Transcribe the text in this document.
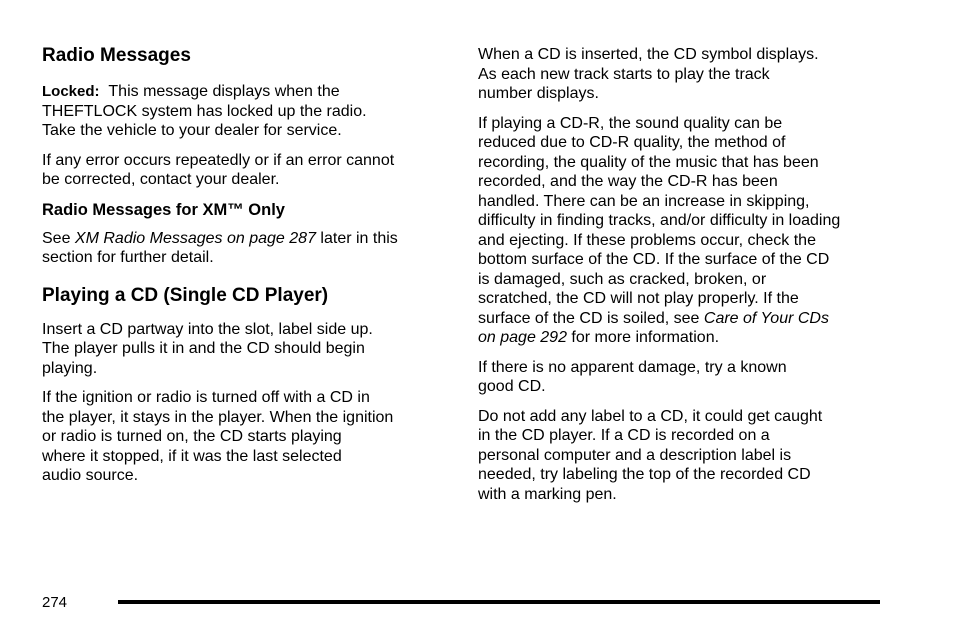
Radio Messages

Locked: This message displays when the
THEFTLOCK system has locked up the radio.
Take the vehicle to your dealer for service.

If any error occurs repeatedly or if an error cannot
be corrected, contact your dealer.

Radio Messages for XM™ Only

See XM Radio Messages on page 287 later in this
section for further detail.

Playing a CD (Single CD Player)

Insert a CD partway into the slot, label side up.
The player pulls it in and the CD should begin
playing.

If the ignition or radio is turned off with a CD in
the player, it stays in the player. When the ignition
or radio is turned on, the CD starts playing
where it stopped, if it was the last selected
audio source.

When a CD is inserted, the CD symbol displays.
As each new track starts to play the track
number displays.

If playing a CD-R, the sound quality can be
reduced due to CD-R quality, the method of
recording, the quality of the music that has been
recorded, and the way the CD-R has been
handled. There can be an increase in skipping,
difficulty in finding tracks, and/or difficulty in loading
and ejecting. If these problems occur, check the
bottom surface of the CD. If the surface of the CD
is damaged, such as cracked, broken, or
scratched, the CD will not play properly. If the
surface of the CD is soiled, see Care of Your CDs
on page 292 for more information.

If there is no apparent damage, try a known
good CD.

Do not add any label to a CD, it could get caught
in the CD player. If a CD is recorded on a
personal computer and a description label is
needed, try labeling the top of the recorded CD
with a marking pen.

274
